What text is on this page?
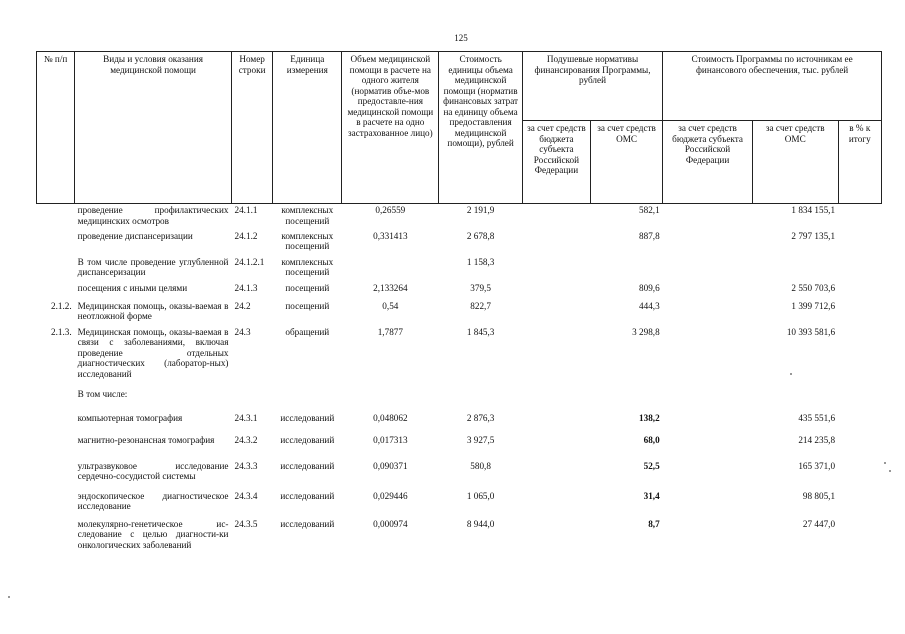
125
№ п/п	Виды и условия оказания медицинской помощи	Номер строки	Единица измерения	Объем медицинской помощи в расчете на одного жителя (норматив объе-мов предоставле-ния медицинской помощи в расчете на одно застрахованное лицо)	Стоимость единицы объема медицинской помощи (норматив финансовых затрат на единицу объема предоставления медицинской помощи), рублей	Подушевые нормативы финансирования Программы, рублей		Стоимость Программы по источникам ее финансового обеспечения, тыс. рублей		
						за счет средств бюджета субъекта Российской Федерации	за счет средств ОМС	за счет средств бюджета субъекта Российской Федерации	за счет средств ОМС	в % к итогу
	проведение профилактических медицинских осмотров	24.1.1	комплексных посещений	0,26559	2 191,9		582,1		1 834 155,1	
	проведение диспансеризации	24.1.2	комплексных посещений	0,331413	2 678,8		887,8		2 797 135,1	
	В том числе проведение углубленной диспансеризации	24.1.2.1	комплексных посещений		1 158,3					
	посещения с иными целями	24.1.3	посещений	2,133264	379,5		809,6		2 550 703,6	
2.1.2.	Медицинская помощь, оказы-ваемая в неотложной форме	24.2	посещений	0,54	822,7		444,3		1 399 712,6	
2.1.3.	Медицинская помощь, оказы-ваемая в связи с заболеваниями, включая проведение отдельных диагностических (лаборатор-ных) исследований	24.3	обращений	1,7877	1 845,3		3 298,8		10 393 581,6	
	В том числе:									
	компьютерная томография	24.3.1	исследований	0,048062	2 876,3		138,2		435 551,6	
	магнитно-резонансная томография	24.3.2	исследований	0,017313	3 927,5		68,0		214 235,8	
	ультразвуковое исследование сердечно-сосудистой системы	24.3.3	исследований	0,090371	580,8		52,5		165 371,0	
	эндоскопическое диагностическое исследование	24.3.4	исследований	0,029446	1 065,0		31,4		98 805,1	
	молекулярно-генетическое ис-следование с целью диагности-ки онкологических заболеваний	24.3.5	исследований	0,000974	8 944,0		8,7		27 447,0	
